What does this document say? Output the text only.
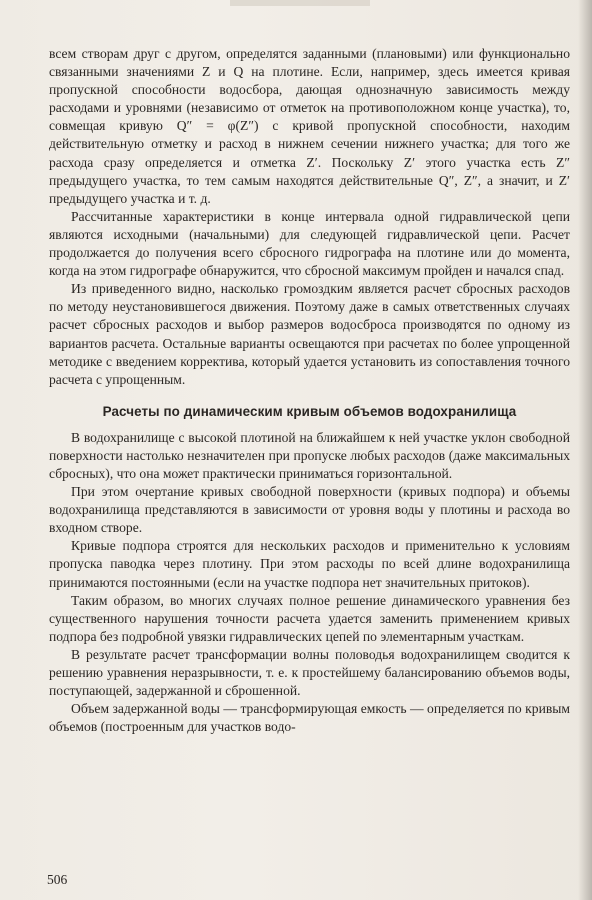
всем створам друг с другом, определятся заданными (плановыми) или функционально связанными значениями Z и Q на плотине. Если, например, здесь имеется кривая пропускной способности водосбора, дающая однозначную зависимость между расходами и уровнями (независимо от отметок на противоположном конце участка), то, совмещая кривую Q″ = φ(Z″) с кривой пропускной способности, находим действительную отметку и расход в нижнем сечении нижнего участка; для того же расхода сразу определяется и отметка Z′. Поскольку Z′ этого участка есть Z″ предыдущего участка, то тем самым находятся действительные Q″, Z″, а значит, и Z′ предыдущего участка и т. д.

Рассчитанные характеристики в конце интервала одной гидравлической цепи являются исходными (начальными) для следующей гидравлической цепи. Расчет продолжается до получения всего сбросного гидрографа на плотине или до момента, когда на этом гидрографе обнаружится, что сбросной максимум пройден и начался спад.

Из приведенного видно, насколько громоздким является расчет сбросных расходов по методу неустановившегося движения. Поэтому даже в самых ответственных случаях расчет сбросных расходов и выбор размеров водосброса производятся по одному из вариантов расчета. Остальные варианты освещаются при расчетах по более упрощенной методике с введением корректива, который удается установить из сопоставления точного расчета с упрощенным.

Расчеты по динамическим кривым объемов водохранилища

В водохранилище с высокой плотиной на ближайшем к ней участке уклон свободной поверхности настолько незначителен при пропуске любых расходов (даже максимальных сбросных), что она может практически приниматься горизонтальной.

При этом очертание кривых свободной поверхности (кривых подпора) и объемы водохранилища представляются в зависимости от уровня воды у плотины и расхода во входном створе.

Кривые подпора строятся для нескольких расходов и применительно к условиям пропуска паводка через плотину. При этом расходы по всей длине водохранилища принимаются постоянными (если на участке подпора нет значительных притоков).

Таким образом, во многих случаях полное решение динамического уравнения без существенного нарушения точности расчета удается заменить применением кривых подпора без подробной увязки гидравлических цепей по элементарным участкам.

В результате расчет трансформации волны половодья водохранилищем сводится к решению уравнения неразрывности, т. е. к простейшему балансированию объемов воды, поступающей, задержанной и сброшенной.

Объем задержанной воды — трансформирующая емкость — определяется по кривым объемов (построенным для участков водо-

506
